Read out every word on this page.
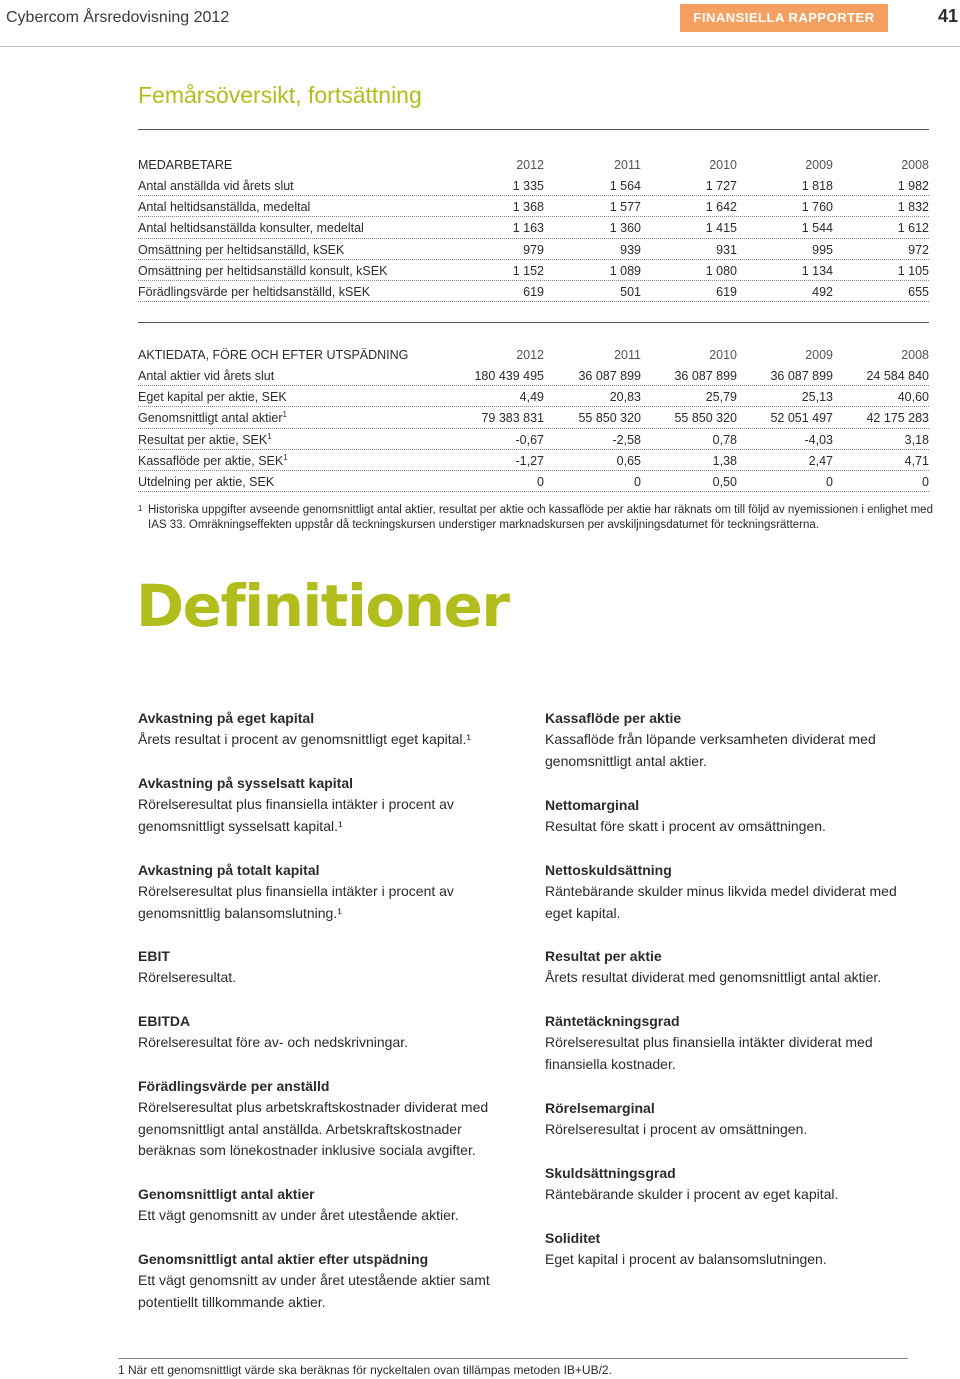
Cybercom Årsredovisning 2012	FINANSIELLA RAPPORTER	41
Femårsöversikt, fortsättning
MEDARBETARE	2012	2011	2010	2009	2008
Antal anställda vid årets slut	1 335	1 564	1 727	1 818	1 982
Antal heltidsanställda, medeltal	1 368	1 577	1 642	1 760	1 832
Antal heltidsanställda konsulter, medeltal	1 163	1 360	1 415	1 544	1 612
Omsättning per heltidsanställd, kSEK	979	939	931	995	972
Omsättning per heltidsanställd konsult, kSEK	1 152	1 089	1 080	1 134	1 105
Förädlingsvärde per heltidsanställd, kSEK	619	501	619	492	655
AKTIEDATA, FÖRE OCH EFTER UTSPÄDNING	2012	2011	2010	2009	2008
Antal aktier vid årets slut	180 439 495	36 087 899	36 087 899	36 087 899	24 584 840
Eget kapital per aktie, SEK	4,49	20,83	25,79	25,13	40,60
Genomsnittligt antal aktier$^1$	79 383 831	55 850 320	55 850 320	52 051 497	42 175 283
Resultat per aktie, SEK$^1$	-0,67	-2,58	0,78	-4,03	3,18
Kassaflöde per aktie, SEK$^1$	-1,27	0,65	1,38	2,47	4,71
Utdelning per aktie, SEK	0	0	0,50	0	0
1 Historiska uppgifter avseende genomsnittligt antal aktier, resultat per aktie och kassaflöde per aktie har räknats om till följd av nyemissionen i enlighet med IAS 33. Omräkningseffekten uppstår då teckningskursen understiger marknadskursen per avskiljningsdatumet för teckningsrätterna.
Definitioner
Avkastning på eget kapital
Årets resultat i procent av genomsnittligt eget kapital.¹
Avkastning på sysselsatt kapital
Rörelseresultat plus finansiella intäkter i procent av genomsnittligt sysselsatt kapital.¹
Avkastning på totalt kapital
Rörelseresultat plus finansiella intäkter i procent av genomsnittlig balansomslutning.¹
EBIT
Rörelseresultat.
EBITDA
Rörelseresultat före av- och nedskrivningar.
Förädlingsvärde per anställd
Rörelseresultat plus arbetskraftskostnader dividerat med genomsnittligt antal anställda. Arbetskraftskostnader beräknas som lönekostnader inklusive sociala avgifter.
Genomsnittligt antal aktier
Ett vägt genomsnitt av under året utestående aktier.
Genomsnittligt antal aktier efter utspädning
Ett vägt genomsnitt av under året utestående aktier samt potentiellt tillkommande aktier.
Kassaflöde per aktie
Kassaflöde från löpande verksamheten dividerat med genomsnittligt antal aktier.
Nettomarginal
Resultat före skatt i procent av omsättningen.
Nettoskuldsättning
Räntebärande skulder minus likvida medel dividerat med eget kapital.
Resultat per aktie
Årets resultat dividerat med genomsnittligt antal aktier.
Räntetäckningsgrad
Rörelseresultat plus finansiella intäkter dividerat med finansiella kostnader.
Rörelsemarginal
Rörelseresultat i procent av omsättningen.
Skuldsättningsgrad
Räntebärande skulder i procent av eget kapital.
Soliditet
Eget kapital i procent av balansomslutningen.
1 När ett genomsnittligt värde ska beräknas för nyckeltalen ovan tillämpas metoden IB+UB/2.
